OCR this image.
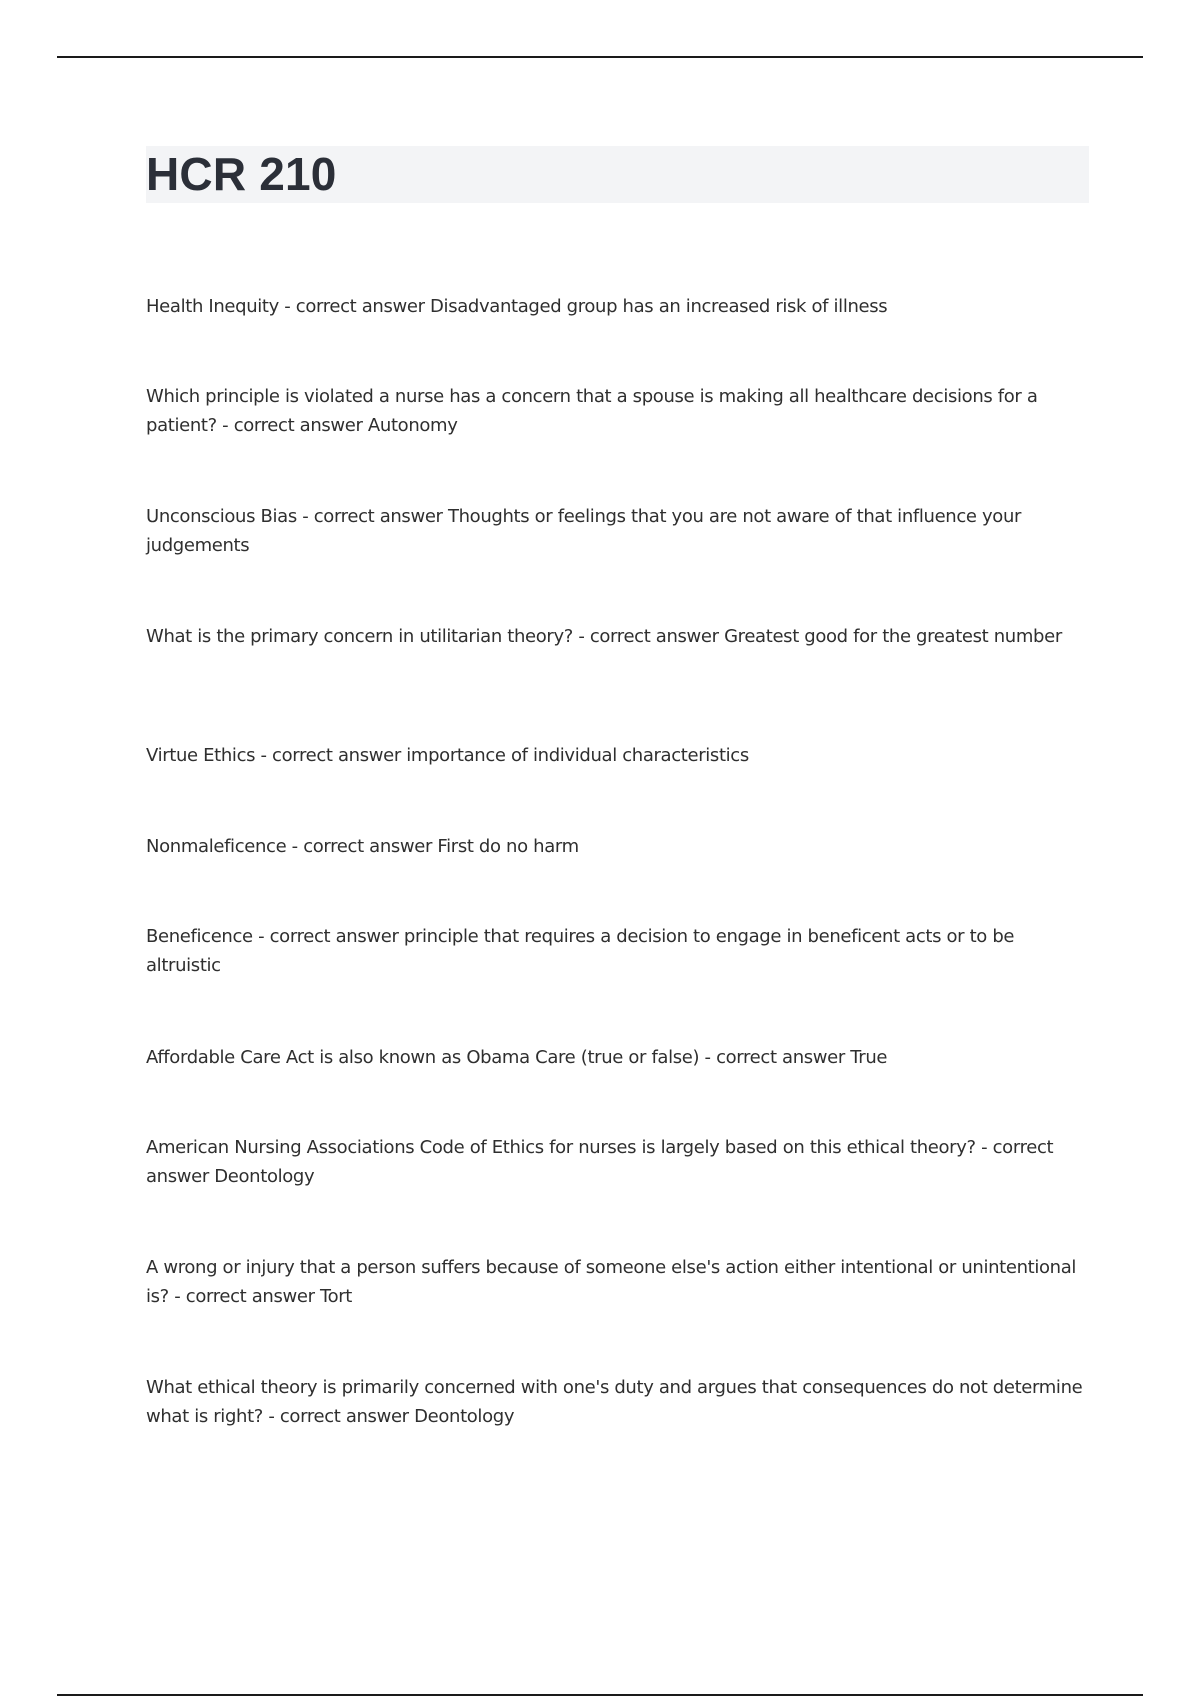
HCR 210
Health Inequity - correct answer Disadvantaged group has an increased risk of illness
Which principle is violated a nurse has a concern that a spouse is making all healthcare decisions for a patient? - correct answer Autonomy
Unconscious Bias - correct answer Thoughts or feelings that you are not aware of that influence your judgements
What is the primary concern in utilitarian theory? - correct answer Greatest good for the greatest number
Virtue Ethics - correct answer importance of individual characteristics
Nonmaleficence - correct answer First do no harm
Beneficence - correct answer principle that requires a decision to engage in beneficent acts or to be altruistic
Affordable Care Act is also known as Obama Care (true or false) - correct answer True
American Nursing Associations Code of Ethics for nurses is largely based on this ethical theory? - correct answer Deontology
A wrong or injury that a person suffers because of someone else's action either intentional or unintentional is? - correct answer Tort
What ethical theory is primarily concerned with one's duty and argues that consequences do not determine what is right? - correct answer Deontology
